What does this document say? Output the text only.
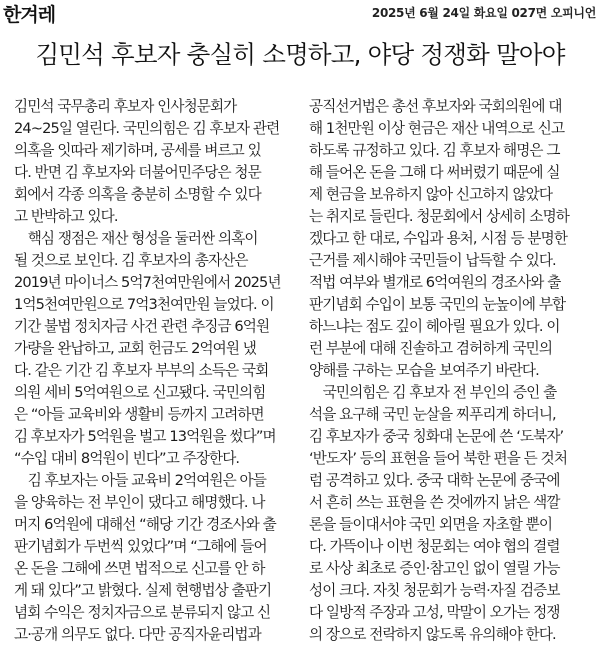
한겨레	2025년 6월 24일 화요일 027면 오피니언
김민석 후보자 충실히 소명하고, 야당 정쟁화 말아야
김민석 국무총리 후보자 인사청문회가
24~25일 열린다. 국민의힘은 김 후보자 관련
의혹을 잇따라 제기하며, 공세를 벼르고 있
다. 반면 김 후보자와 더불어민주당은 청문
회에서 각종 의혹을 충분히 소명할 수 있다
고 반박하고 있다.
　핵심 쟁점은 재산 형성을 둘러싼 의혹이
될 것으로 보인다. 김 후보자의 총자산은
2019년 마이너스 5억7천여만원에서 2025년
1억5천여만원으로 7억3천여만원 늘었다. 이
기간 불법 정치자금 사건 관련 추징금 6억원
가량을 완납하고, 교회 헌금도 2억여원 냈
다. 같은 기간 김 후보자 부부의 소득은 국회
의원 세비 5억여원으로 신고됐다. 국민의힘
은 “아들 교육비와 생활비 등까지 고려하면
김 후보자가 5억원을 벌고 13억원을 썼다”며
“수입 대비 8억원이 빈다”고 주장한다.
　김 후보자는 아들 교육비 2억여원은 아들
을 양육하는 전 부인이 댔다고 해명했다. 나
머지 6억원에 대해선 “해당 기간 경조사와 출
판기념회가 두번씩 있었다”며 “그해에 들어
온 돈을 그해에 쓰면 법적으로 신고를 안 하
게 돼 있다”고 밝혔다. 실제 현행법상 출판기
념회 수익은 정치자금으로 분류되지 않고 신
고·공개 의무도 없다. 다만 공직자윤리법과
공직선거법은 총선 후보자와 국회의원에 대
해 1천만원 이상 현금은 재산 내역으로 신고
하도록 규정하고 있다. 김 후보자 해명은 그
해 들어온 돈을 그해 다 써버렸기 때문에 실
제 현금을 보유하지 않아 신고하지 않았다
는 취지로 들린다. 청문회에서 상세히 소명하
겠다고 한 대로, 수입과 용처, 시점 등 분명한
근거를 제시해야 국민들이 납득할 수 있다.
적법 여부와 별개로 6억여원의 경조사와 출
판기념회 수입이 보통 국민의 눈높이에 부합
하느냐는 점도 깊이 헤아릴 필요가 있다. 이
런 부분에 대해 진솔하고 겸허하게 국민의
양해를 구하는 모습을 보여주기 바란다.
　국민의힘은 김 후보자 전 부인의 증인 출
석을 요구해 국민 눈살을 찌푸리게 하더니,
김 후보자가 중국 칭화대 논문에 쓴 ‘도북자’
‘반도자’ 등의 표현을 들어 북한 편을 든 것처
럼 공격하고 있다. 중국 대학 논문에 중국에
서 흔히 쓰는 표현을 쓴 것에까지 낡은 색깔
론을 들이대서야 국민 외면을 자초할 뿐이
다. 가뜩이나 이번 청문회는 여야 협의 결렬
로 사상 최초로 증인·참고인 없이 열릴 가능
성이 크다. 자칫 청문회가 능력·자질 검증보
다 일방적 주장과 고성, 막말이 오가는 정쟁
의 장으로 전락하지 않도록 유의해야 한다.
